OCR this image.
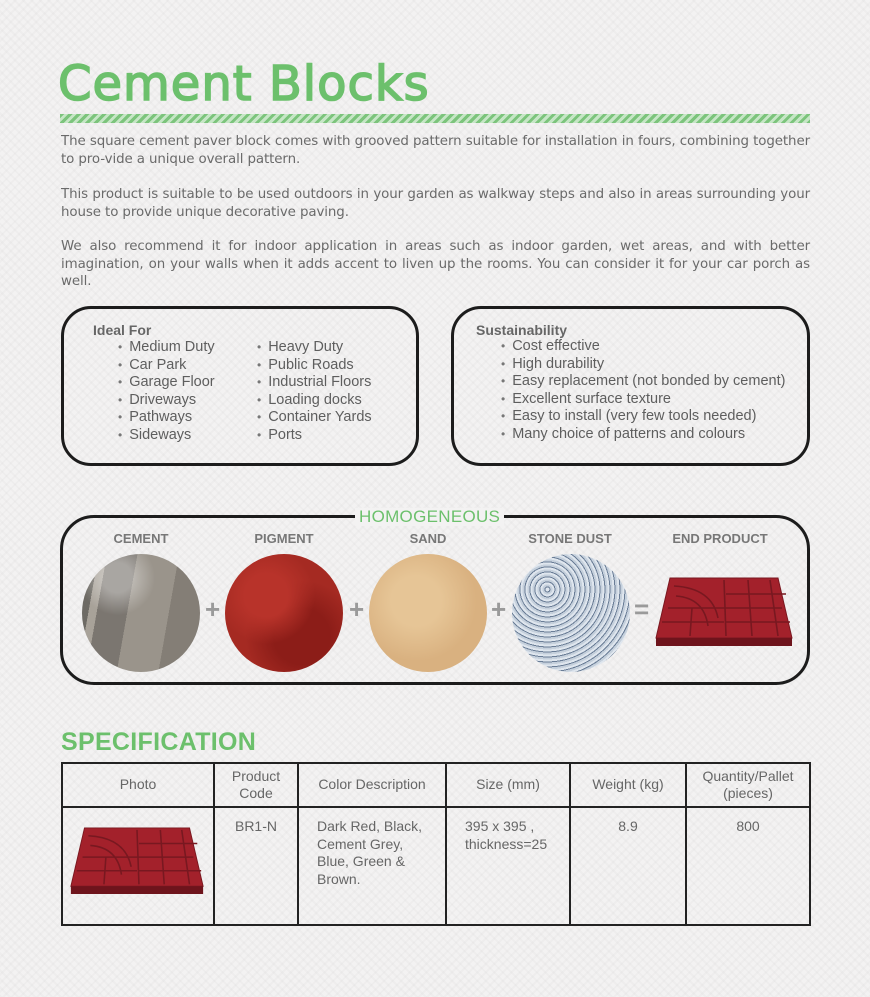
Cement Blocks

The square cement paver block comes with grooved pattern suitable for installation in fours, combining together to pro-vide a unique overall pattern.

This product is suitable to be used outdoors in your garden as walkway steps and also in areas surrounding your house to provide unique decorative paving.

We also recommend it for indoor application in areas such as indoor garden, wet areas, and with better imagination, on your walls when it adds accent to liven up the rooms. You can consider it for your car porch as well.

Ideal For

• Medium Duty
• Car Park
• Garage Floor
• Driveways
• Pathways
• Sideways
• Heavy Duty
• Public Roads
• Industrial Floors
• Loading docks
• Container Yards
• Ports

Sustainability

• Cost effective
• High durability
• Easy replacement (not bonded by cement)
• Excellent surface texture
• Easy to install (very few tools needed)
• Many choice of patterns and colours
HOMOGENEOUS
CEMENT	PIGMENT	SAND	STONE DUST	END PRODUCT
+	+	+	=
SPECIFICATION
Photo	Product Code	Color Description	Size (mm)	Weight (kg)	Quantity/Pallet (pieces)
	BR1-N	Dark Red, Black, Cement Grey, Blue, Green & Brown.	395 x 395 , thickness=25	8.9	800
